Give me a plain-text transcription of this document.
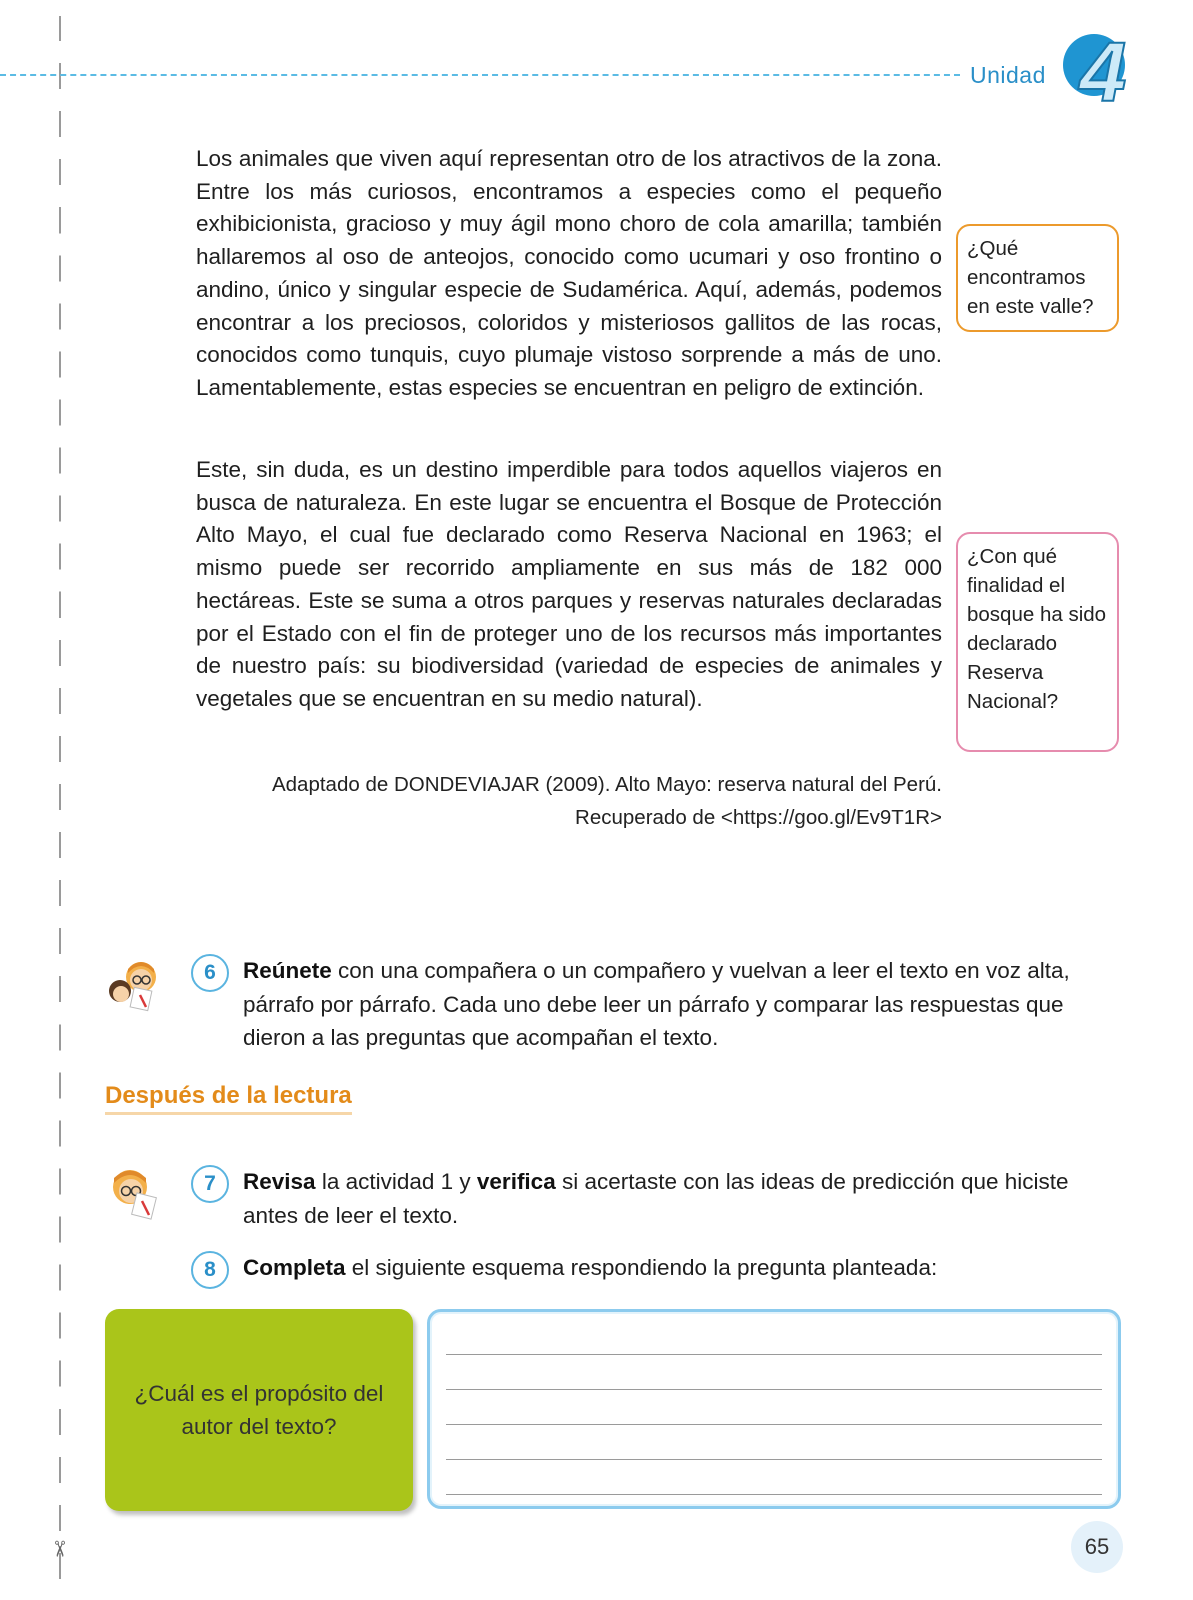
✂
Unidad 4
Los animales que viven aquí representan otro de los atractivos de la zona. Entre los más curiosos, encontramos a especies como el pequeño exhibicionista, gracioso y muy ágil mono choro de cola amarilla; también hallaremos al oso de anteojos, conocido como ucumari y oso frontino o andino, único y singular especie de Sudamérica. Aquí, además, podemos encontrar a los preciosos, coloridos y misteriosos gallitos de las rocas, conocidos como tunquis, cuyo plumaje vistoso sorprende a más de uno. Lamentablemente, estas especies se encuentran en peligro de extinción.
Este, sin duda, es un destino imperdible para todos aquellos viajeros en busca de naturaleza. En este lugar se encuentra el Bosque de Protección Alto Mayo, el cual fue declarado como Reserva Nacional en 1963; el mismo puede ser recorrido ampliamente en sus más de 182 000 hectáreas. Este se suma a otros parques y reservas naturales declaradas por el Estado con el fin de proteger uno de los recursos más importantes de nuestro país: su biodiversidad (variedad de especies de animales y vegetales que se encuentran en su medio natural).
Adaptado de DONDEVIAJAR (2009). Alto Mayo: reserva natural del Perú.
Recuperado de <https://goo.gl/Ev9T1R>
¿Qué encontramos en este valle?
¿Con qué finalidad el bosque ha sido declarado Reserva Nacional?
6	Reúnete con una compañera o un compañero y vuelvan a leer el texto en voz alta, párrafo por párrafo. Cada uno debe leer un párrafo y comparar las respuestas que dieron a las preguntas que acompañan el texto.
Después de la lectura
7	Revisa la actividad 1 y verifica si acertaste con las ideas de predicción que hiciste antes de leer el texto.
8	Completa el siguiente esquema respondiendo la pregunta planteada:
¿Cuál es el propósito del autor del texto?
65
